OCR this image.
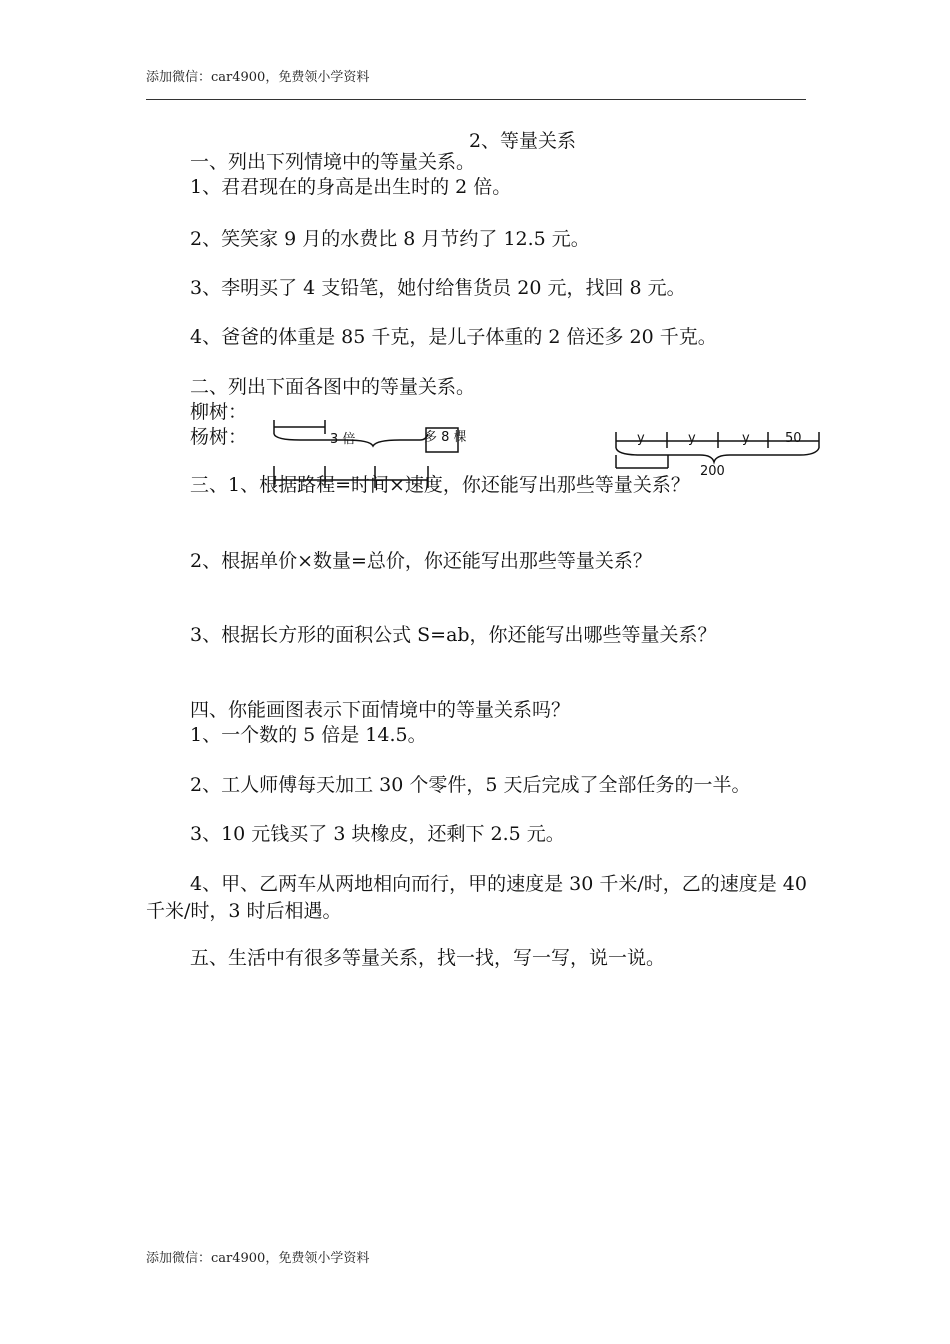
添加微信：car4900，免费领小学资料
2、等量关系
一、列出下列情境中的等量关系。
1、君君现在的身高是出生时的 2 倍。
2、笑笑家 9 月的水费比 8 月节约了 12.5 元。
3、李明买了 4 支铅笔，她付给售货员 20 元，找回 8 元。
4、爸爸的体重是 85 千克，是儿子体重的 2 倍还多 20 千克。
二、列出下面各图中的等量关系。
柳树：
杨树：	3 倍	多 8 棵	y	y	y	50
200
三、1、根据路程=时间×速度，你还能写出那些等量关系？
2、根据单价×数量=总价，你还能写出那些等量关系？
3、根据长方形的面积公式 S=ab，你还能写出哪些等量关系？
四、你能画图表示下面情境中的等量关系吗？
1、一个数的 5 倍是 14.5。
2、工人师傅每天加工 30 个零件，5 天后完成了全部任务的一半。
3、10 元钱买了 3 块橡皮，还剩下 2.5 元。
4、甲、乙两车从两地相向而行，甲的速度是 30 千米/时，乙的速度是 40 千米/时，3 时后相遇。
五、生活中有很多等量关系，找一找，写一写，说一说。
添加微信：car4900，免费领小学资料
